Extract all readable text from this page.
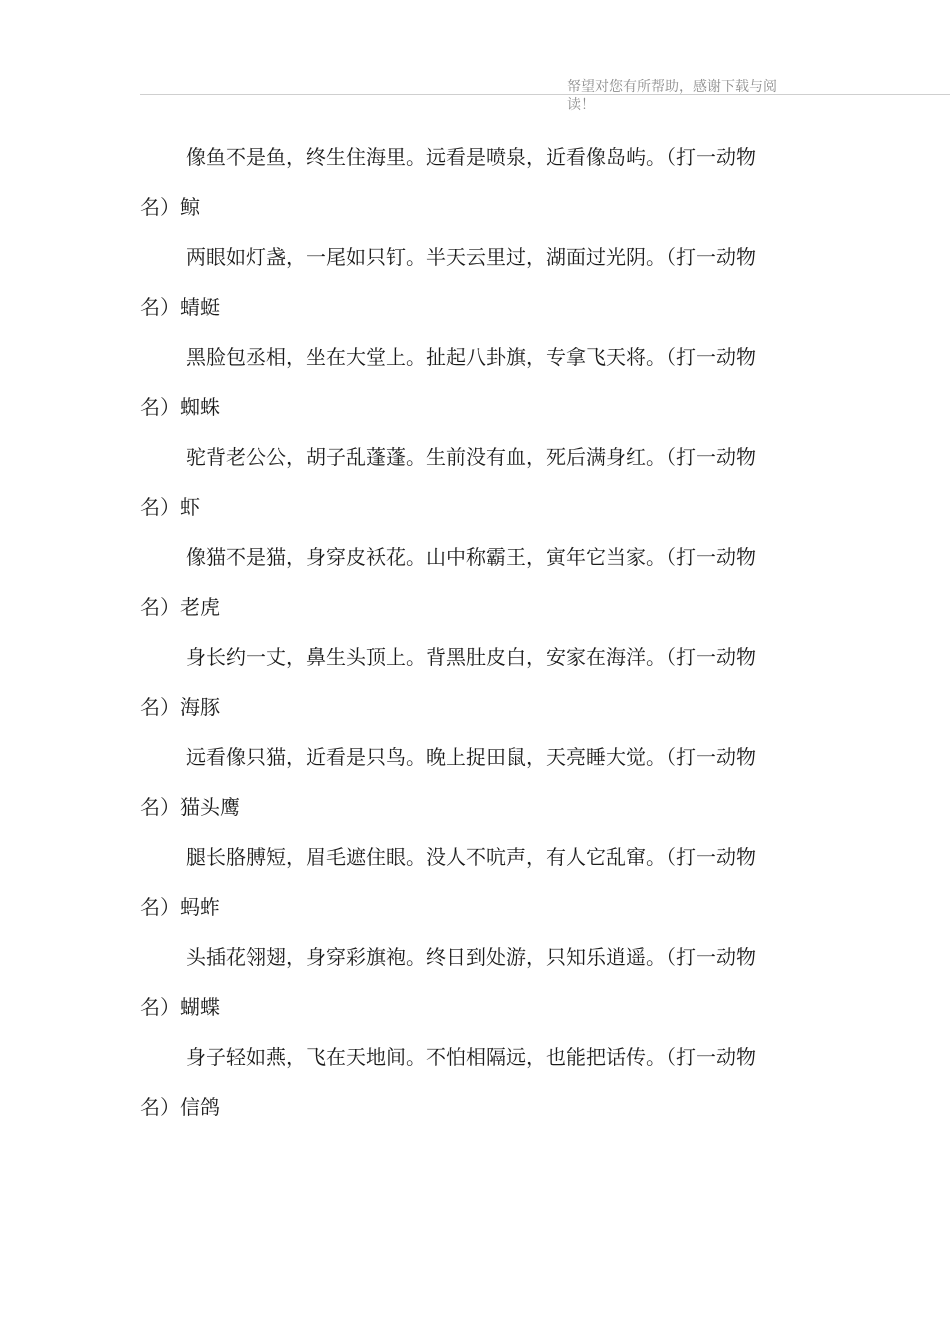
帑望对您有所帮助，感谢下载与阅读！
像鱼不是鱼，终生住海里。远看是喷泉，近看像岛屿。（打一动物
名）鲸
两眼如灯盏，一尾如只钉。半天云里过，湖面过光阴。（打一动物
名）蜻蜓
黑脸包丞相，坐在大堂上。扯起八卦旗，专拿飞天将。（打一动物
名）蜘蛛
驼背老公公，胡子乱蓬蓬。生前没有血，死后满身红。（打一动物
名）虾
像猫不是猫，身穿皮袄花。山中称霸王，寅年它当家。（打一动物
名）老虎
身长约一丈，鼻生头顶上。背黑肚皮白，安家在海洋。（打一动物
名）海豚
远看像只猫，近看是只鸟。晚上捉田鼠，天亮睡大觉。（打一动物
名）猫头鹰
腿长胳膊短，眉毛遮住眼。没人不吭声，有人它乱窜。（打一动物
名）蚂蚱
头插花翎翅，身穿彩旗袍。终日到处游，只知乐逍遥。（打一动物
名）蝴蝶
身子轻如燕，飞在天地间。不怕相隔远，也能把话传。（打一动物
名）信鸽
